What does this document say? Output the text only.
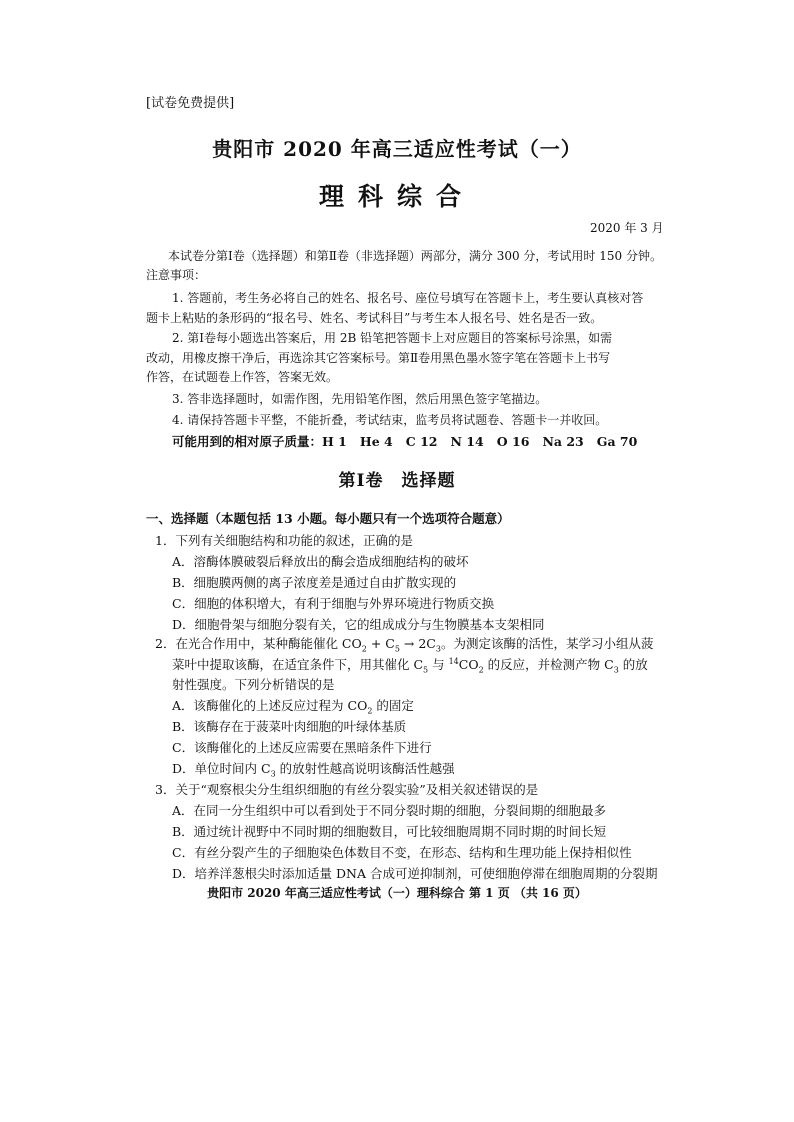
[试卷免费提供]
贵阳市 2020 年高三适应性考试（一）
理科综合
2020 年 3 月
本试卷分第Ⅰ卷（选择题）和第Ⅱ卷（非选择题）两部分，满分 300 分，考试用时 150 分钟。
注意事项：
1. 答题前，考生务必将自己的姓名、报名号、座位号填写在答题卡上，考生要认真核对答
题卡上粘贴的条形码的“报名号、姓名、考试科目”与考生本人报名号、姓名是否一致。
2. 第Ⅰ卷每小题选出答案后，用 2B 铅笔把答题卡上对应题目的答案标号涂黑，如需
改动，用橡皮擦干净后，再选涂其它答案标号。第Ⅱ卷用黑色墨水签字笔在答题卡上书写
作答，在试题卷上作答，答案无效。
3. 答非选择题时，如需作图，先用铅笔作图，然后用黑色签字笔描边。
4. 请保持答题卡平整，不能折叠，考试结束，监考员将试题卷、答题卡一并收回。
可能用到的相对原子质量：H 1   He 4   C 12   N 14   O 16   Na 23   Ga 70
第Ⅰ卷 选择题
一、选择题（本题包括 13 小题。每小题只有一个选项符合题意）
1．下列有关细胞结构和功能的叙述，正确的是
A．溶酶体膜破裂后释放出的酶会造成细胞结构的破坏
B．细胞膜两侧的离子浓度差是通过自由扩散实现的
C．细胞的体积增大，有利于细胞与外界环境进行物质交换
D．细胞骨架与细胞分裂有关，它的组成成分与生物膜基本支架相同
2．在光合作用中，某种酶能催化 $CO_2 + C_5 \to 2C_3$。为测定该酶的活性，某学习小组从菠
菜叶中提取该酶，在适宜条件下，用其催化 $C_5$ 与 $^{14}CO_2$ 的反应，并检测产物 $C_3$ 的放
射性强度。下列分析错误的是
A．该酶催化的上述反应过程为 $CO_2$ 的固定
B．该酶存在于菠菜叶肉细胞的叶绿体基质
C．该酶催化的上述反应需要在黑暗条件下进行
D．单位时间内 $C_3$ 的放射性越高说明该酶活性越强
3．关于“观察根尖分生组织细胞的有丝分裂实验”及相关叙述错误的是
A．在同一分生组织中可以看到处于不同分裂时期的细胞，分裂间期的细胞最多
B．通过统计视野中不同时期的细胞数目，可比较细胞周期不同时期的时间长短
C．有丝分裂产生的子细胞染色体数目不变，在形态、结构和生理功能上保持相似性
D．培养洋葱根尖时添加适量 DNA 合成可逆抑制剂，可使细胞停滞在细胞周期的分裂期
贵阳市 2020 年高三适应性考试（一）理科综合 第 1 页 （共 16 页）
